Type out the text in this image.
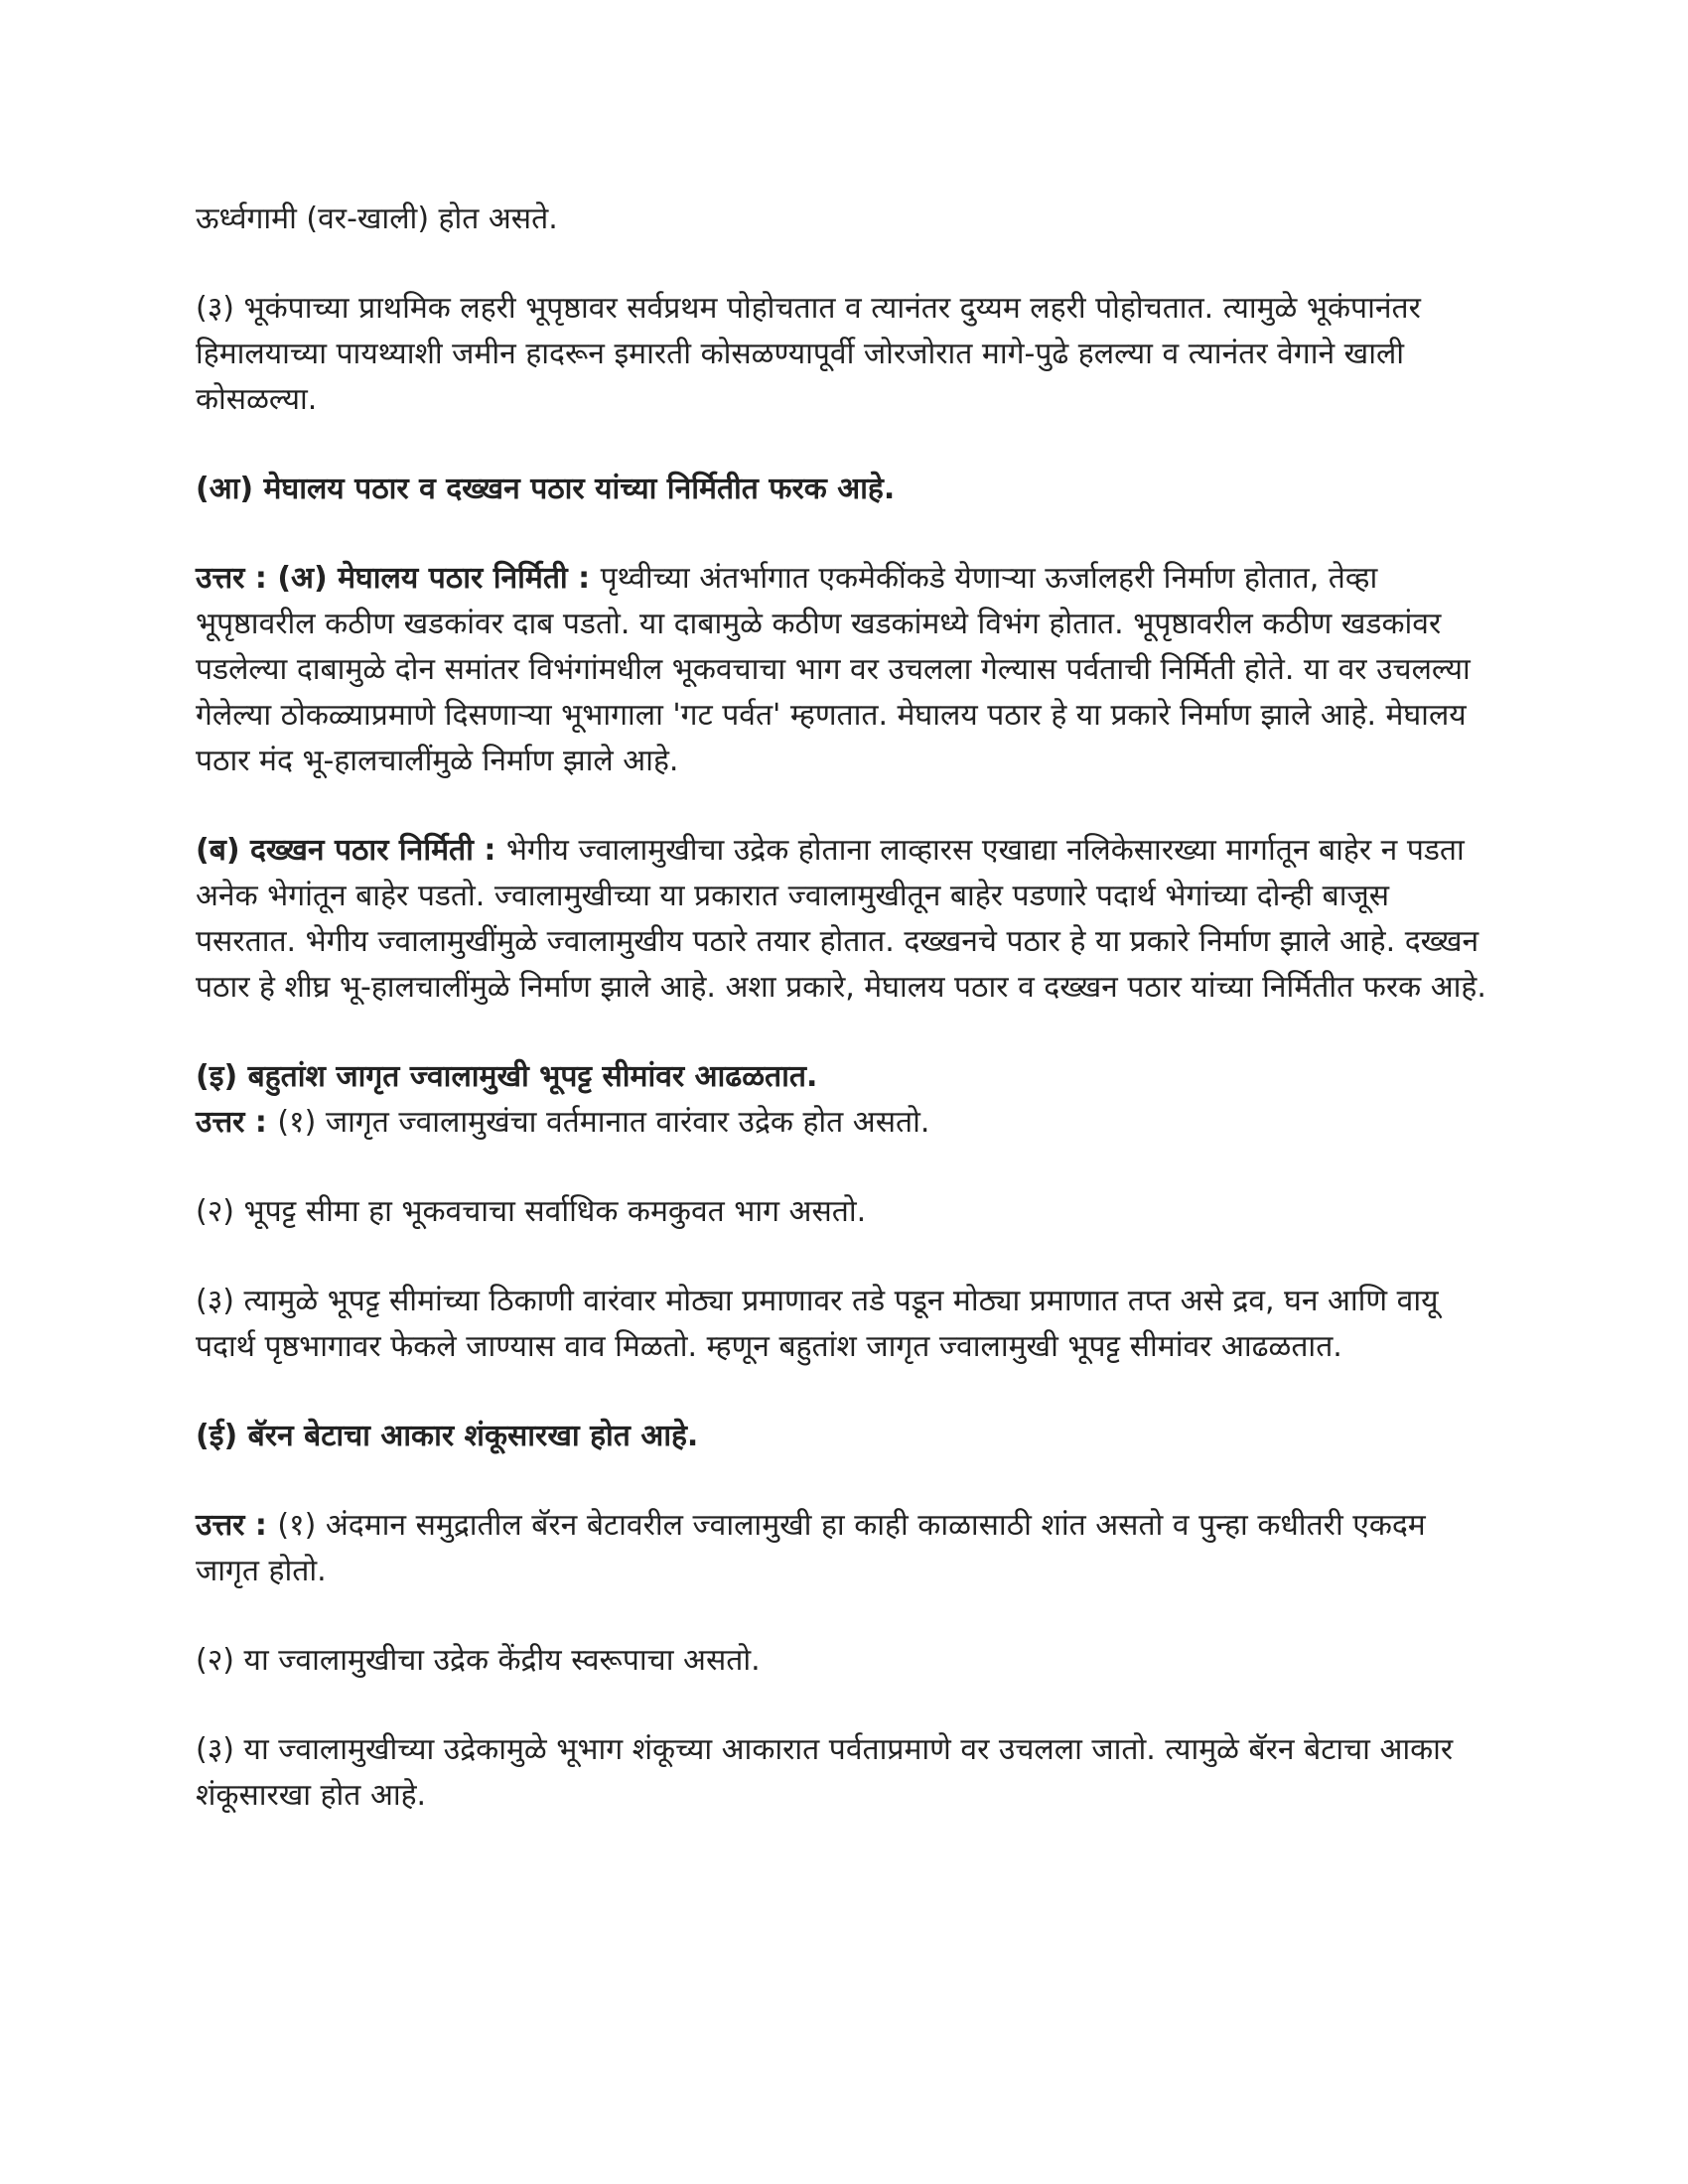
ऊर्ध्वगामी (वर-खाली) होत असते.

(३) भूकंपाच्या प्राथमिक लहरी भूपृष्ठावर सर्वप्रथम पोहोचतात व त्यानंतर दुय्यम लहरी पोहोचतात. त्यामुळे भूकंपानंतर हिमालयाच्या पायथ्याशी जमीन हादरून इमारती कोसळण्यापूर्वी जोरजोरात मागे-पुढे हलल्या व त्यानंतर वेगाने खाली कोसळल्या.

(आ) मेघालय पठार व दख्खन पठार यांच्या निर्मितीत फरक आहे.

उत्तर : (अ) मेघालय पठार निर्मिती : पृथ्वीच्या अंतर्भागात एकमेकींकडे येणाऱ्या ऊर्जालहरी निर्माण होतात, तेव्हा भूपृष्ठावरील कठीण खडकांवर दाब पडतो. या दाबामुळे कठीण खडकांमध्ये विभंग होतात. भूपृष्ठावरील कठीण खडकांवर पडलेल्या दाबामुळे दोन समांतर विभंगांमधील भूकवचाचा भाग वर उचलला गेल्यास पर्वताची निर्मिती होते. या वर उचलल्या गेलेल्या ठोकळ्याप्रमाणे दिसणाऱ्या भूभागाला 'गट पर्वत' म्हणतात. मेघालय पठार हे या प्रकारे निर्माण झाले आहे. मेघालय पठार मंद भू-हालचालींमुळे निर्माण झाले आहे.

(ब) दख्खन पठार निर्मिती : भेगीय ज्वालामुखीचा उद्रेक होताना लाव्हारस एखाद्या नलिकेसारख्या मार्गातून बाहेर न पडता अनेक भेगांतून बाहेर पडतो. ज्वालामुखीच्या या प्रकारात ज्वालामुखीतून बाहेर पडणारे पदार्थ भेगांच्या दोन्ही बाजूस पसरतात. भेगीय ज्वालामुखींमुळे ज्वालामुखीय पठारे तयार होतात. दख्खनचे पठार हे या प्रकारे निर्माण झाले आहे. दख्खन पठार हे शीघ्र भू-हालचालींमुळे निर्माण झाले आहे. अशा प्रकारे, मेघालय पठार व दख्खन पठार यांच्या निर्मितीत फरक आहे.

(इ) बहुतांश जागृत ज्वालामुखी भूपट्ट सीमांवर आढळतात.

उत्तर : (१) जागृत ज्वालामुखंचा वर्तमानात वारंवार उद्रेक होत असतो.

(२) भूपट्ट सीमा हा भूकवचाचा सर्वाधिक कमकुवत भाग असतो.

(३) त्यामुळे भूपट्ट सीमांच्या ठिकाणी वारंवार मोठ्या प्रमाणावर तडे पडून मोठ्या प्रमाणात तप्त असे द्रव, घन आणि वायू पदार्थ पृष्ठभागावर फेकले जाण्यास वाव मिळतो. म्हणून बहुतांश जागृत ज्वालामुखी भूपट्ट सीमांवर आढळतात.

(ई) बॅरन बेटाचा आकार शंकूसारखा होत आहे.

उत्तर : (१) अंदमान समुद्रातील बॅरन बेटावरील ज्वालामुखी हा काही काळासाठी शांत असतो व पुन्हा कधीतरी एकदम जागृत होतो.

(२) या ज्वालामुखीचा उद्रेक केंद्रीय स्वरूपाचा असतो.

(३) या ज्वालामुखीच्या उद्रेकामुळे भूभाग शंकूच्या आकारात पर्वताप्रमाणे वर उचलला जातो. त्यामुळे बॅरन बेटाचा आकार शंकूसारखा होत आहे.
